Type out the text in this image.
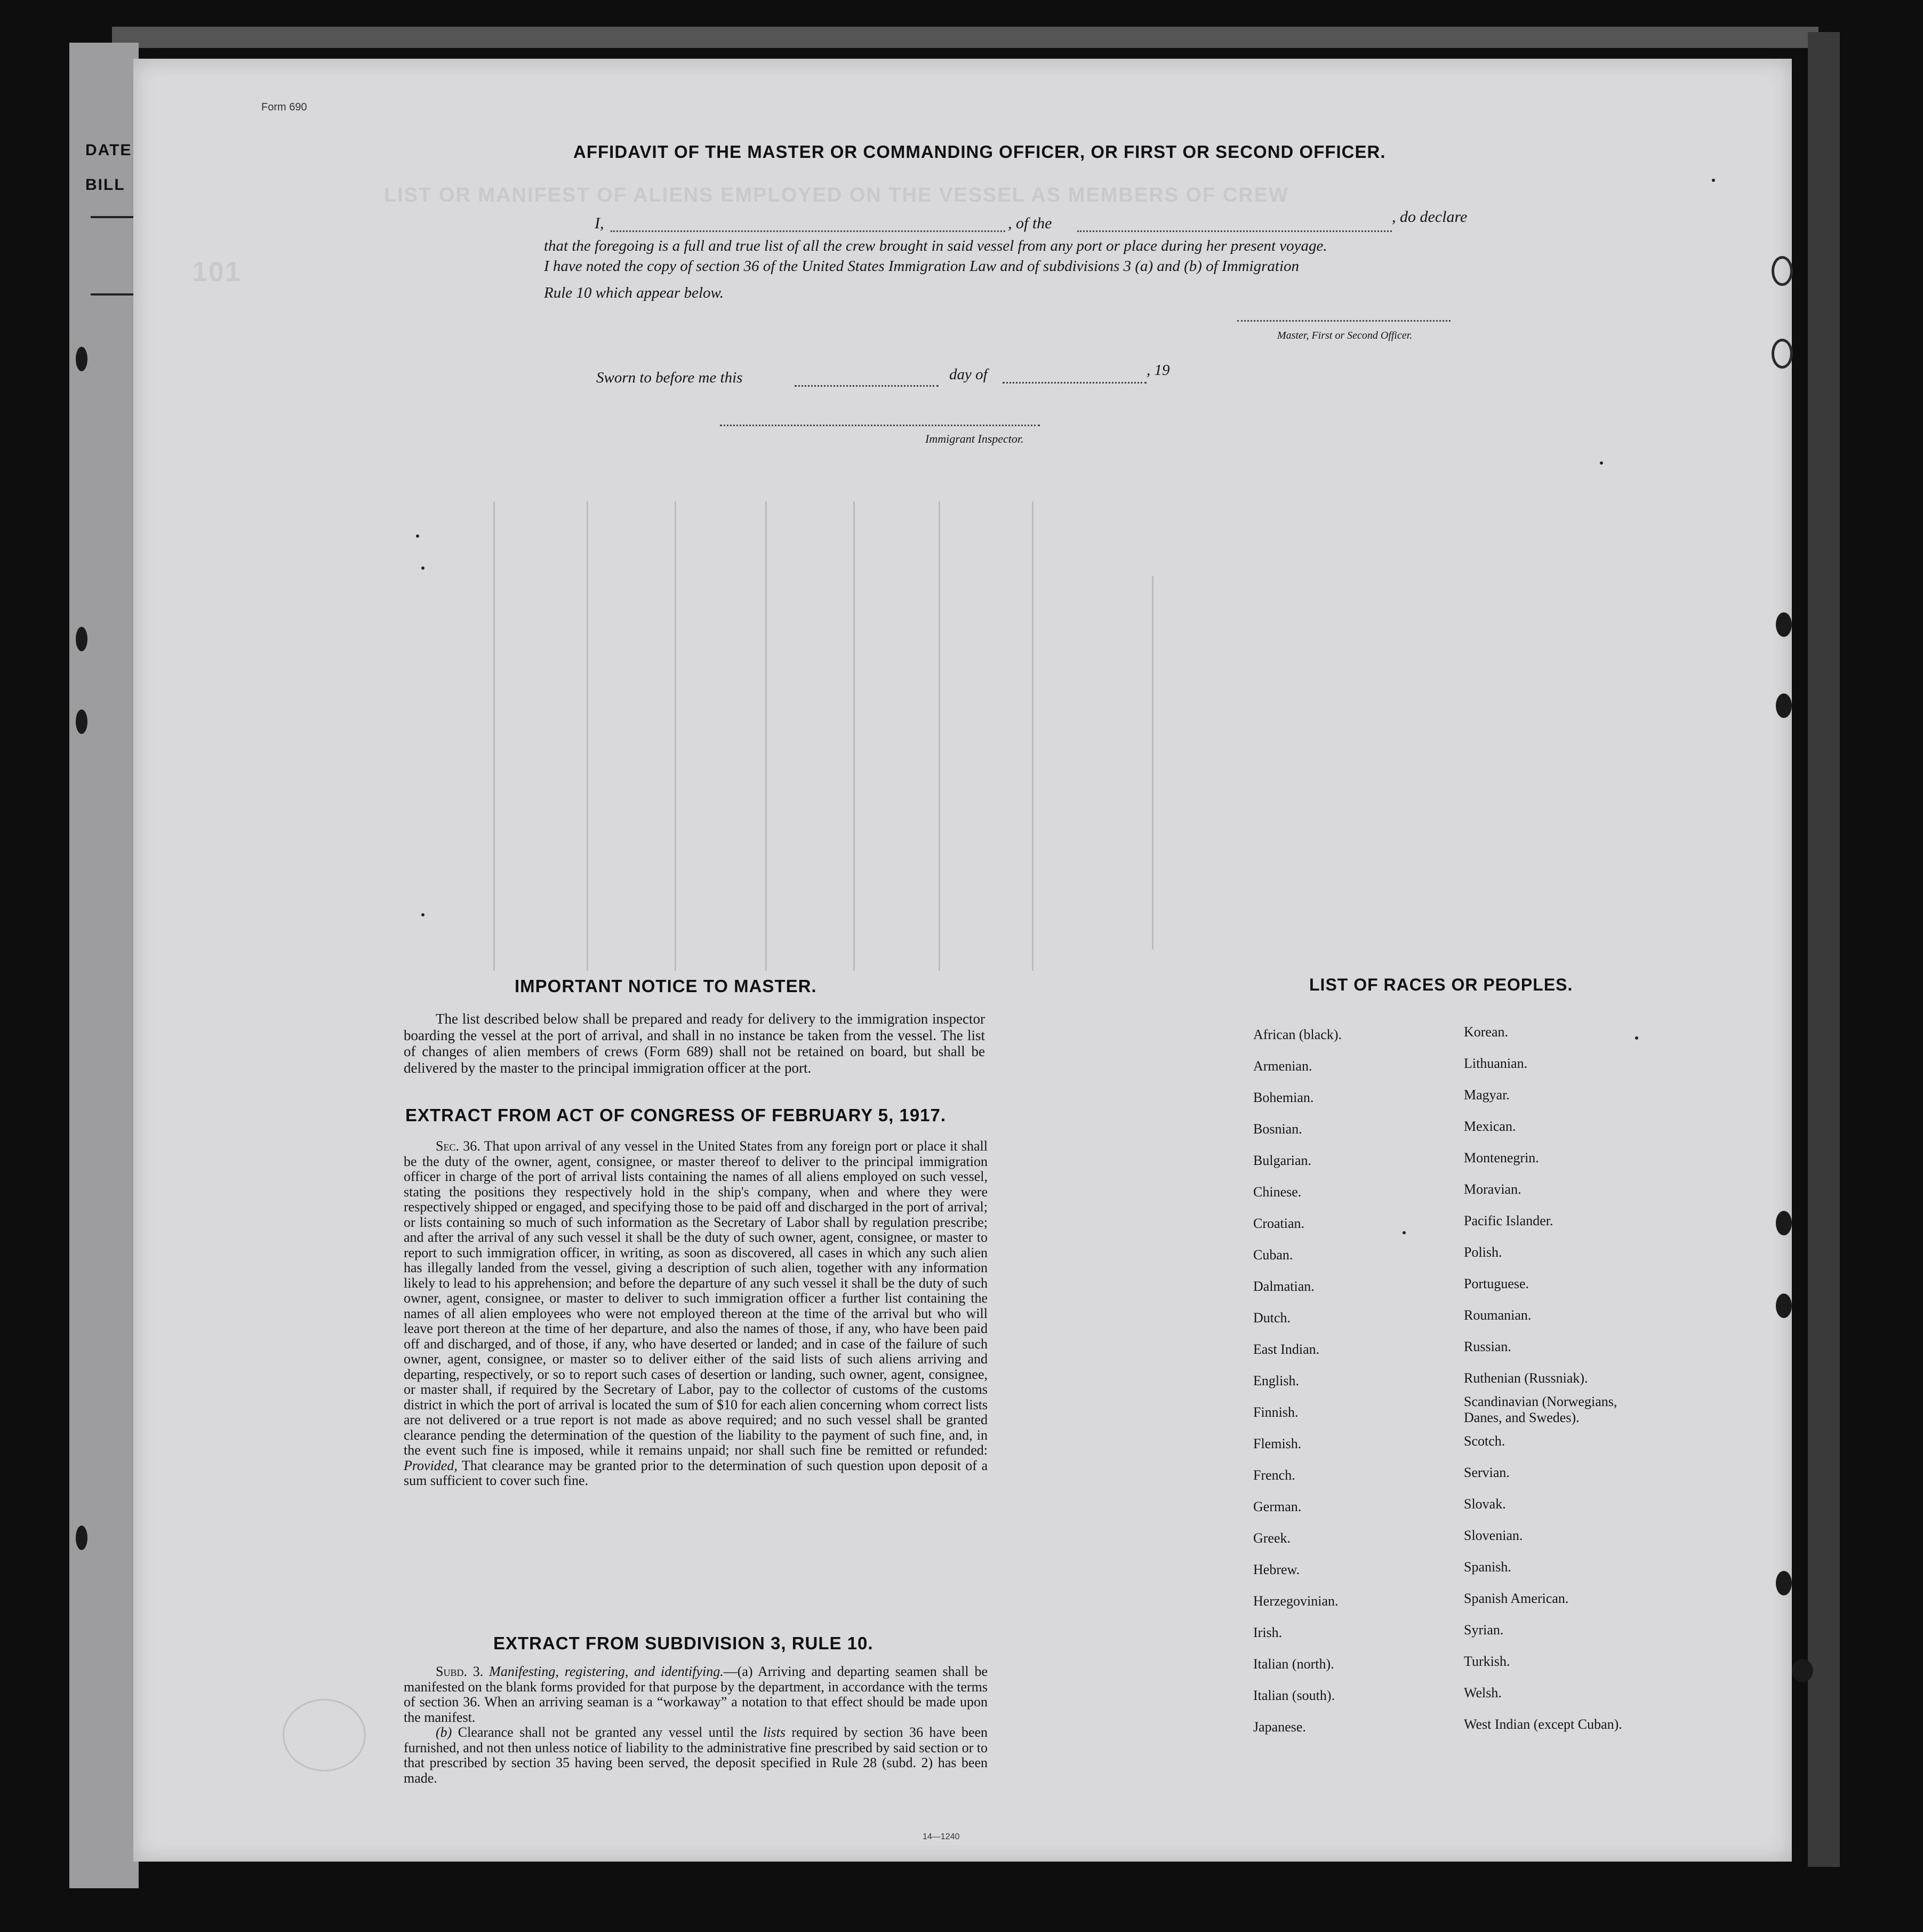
DATE
BILL	LIST OR MANIFEST OF ALIENS EMPLOYED ON THE VESSEL AS MEMBERS OF CREW
101
Form 690
AFFIDAVIT OF THE MASTER OR COMMANDING OFFICER, OR FIRST OR SECOND OFFICER.
I,	, of the	, do declare
that the foregoing is a full and true list of all the crew brought in said vessel from any port or place during her present voyage.
I have noted the copy of section 36 of the United States Immigration Law and of subdivisions 3 (a) and (b) of Immigration
Rule 10 which appear below.
Master, First or Second Officer.
Sworn to before me this	day of	, 19
Immigrant Inspector.
IMPORTANT NOTICE TO MASTER.

The list described below shall be prepared and ready for delivery to the immigration inspector boarding the vessel at the port of arrival, and shall in no instance be taken from the vessel. The list of changes of alien members of crews (Form 689) shall not be retained on board, but shall be delivered by the master to the principal immigration officer at the port.

EXTRACT FROM ACT OF CONGRESS OF FEBRUARY 5, 1917.

Sec. 36. That upon arrival of any vessel in the United States from any foreign port or place it shall be the duty of the owner, agent, consignee, or master thereof to deliver to the principal immigration officer in charge of the port of arrival lists containing the names of all aliens employed on such vessel, stating the positions they respectively hold in the ship's company, when and where they were respectively shipped or engaged, and specifying those to be paid off and discharged in the port of arrival; or lists containing so much of such information as the Secretary of Labor shall by regulation prescribe; and after the arrival of any such vessel it shall be the duty of such owner, agent, consignee, or master to report to such immigration officer, in writing, as soon as discovered, all cases in which any such alien has illegally landed from the vessel, giving a description of such alien, together with any information likely to lead to his apprehension; and before the departure of any such vessel it shall be the duty of such owner, agent, consignee, or master to deliver to such immigration officer a further list containing the names of all alien employees who were not employed thereon at the time of the arrival but who will leave port thereon at the time of her departure, and also the names of those, if any, who have been paid off and discharged, and of those, if any, who have deserted or landed; and in case of the failure of such owner, agent, consignee, or master so to deliver either of the said lists of such aliens arriving and departing, respectively, or so to report such cases of desertion or landing, such owner, agent, consignee, or master shall, if required by the Secretary of Labor, pay to the collector of customs of the customs district in which the port of arrival is located the sum of $10 for each alien concerning whom correct lists are not delivered or a true report is not made as above required; and no such vessel shall be granted clearance pending the determination of the question of the liability to the payment of such fine, and, in the event such fine is imposed, while it remains unpaid; nor shall such fine be remitted or refunded: Provided, That clearance may be granted prior to the determination of such question upon deposit of a sum sufficient to cover such fine.

EXTRACT FROM SUBDIVISION 3, RULE 10.

Subd. 3. Manifesting, registering, and identifying.—(a) Arriving and departing seamen shall be manifested on the blank forms provided for that purpose by the department, in accordance with the terms of section 36. When an arriving seaman is a “workaway” a notation to that effect should be made upon the manifest.

(b) Clearance shall not be granted any vessel until the lists required by section 36 have been furnished, and not then unless notice of liability to the administrative fine prescribed by said section or to that prescribed by section 35 having been served, the deposit specified in Rule 28 (subd. 2) has been made.

14—1240
LIST OF RACES OR PEOPLES.
African (black).
Armenian.
Bohemian.
Bosnian.
Bulgarian.
Chinese.
Croatian.
Cuban.
Dalmatian.
Dutch.
East Indian.
English.
Finnish.
Flemish.
French.
German.
Greek.
Hebrew.
Herzegovinian.
Irish.
Italian (north).
Italian (south).
Japanese.
Korean.
Lithuanian.
Magyar.
Mexican.
Montenegrin.
Moravian.
Pacific Islander.
Polish.
Portuguese.
Roumanian.
Russian.
Ruthenian (Russniak).
Scandinavian (Norwegians, Danes, and Swedes).
Scotch.
Servian.
Slovak.
Slovenian.
Spanish.
Spanish American.
Syrian.
Turkish.
Welsh.
West Indian (except Cuban).
